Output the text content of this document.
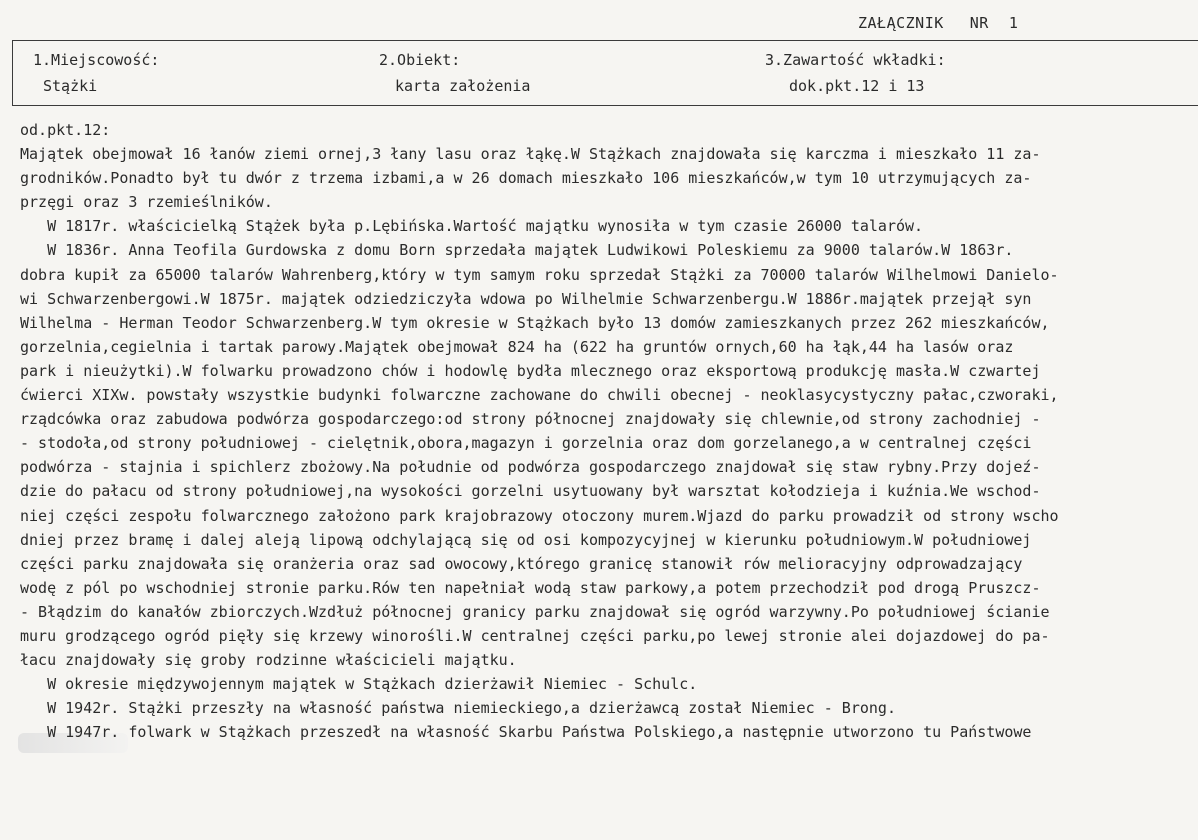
ZAŁĄCZNIK NR 1
1.Miejscowość:
Stążki
2.Obiekt:
karta założenia
3.Zawartość wkładki:
dok.pkt.12 i 13
od.pkt.12:
Majątek obejmował 16 łanów ziemi ornej,3 łany lasu oraz łąkę.W Stążkach znajdowała się karczma i mieszkało 11 za-
grodników.Ponadto był tu dwór z trzema izbami,a w 26 domach mieszkało 106 mieszkańców,w tym 10 utrzymujących za-
przęgi oraz 3 rzemieślników.
W 1817r. właścicielką Stążek była p.Lębińska.Wartość majątku wynosiła w tym czasie 26000 talarów.
W 1836r. Anna Teofila Gurdowska z domu Born sprzedała majątek Ludwikowi Poleskiemu za 9000 talarów.W 1863r.
dobra kupił za 65000 talarów Wahrenberg,który w tym samym roku sprzedał Stążki za 70000 talarów Wilhelmowi Danielo-
wi Schwarzenbergowi.W 1875r. majątek odziedziczyła wdowa po Wilhelmie Schwarzenbergu.W 1886r.majątek przejął syn
Wilhelma - Herman Teodor Schwarzenberg.W tym okresie w Stążkach było 13 domów zamieszkanych przez 262 mieszkańców,
gorzelnia,cegielnia i tartak parowy.Majątek obejmował 824 ha (622 ha gruntów ornych,60 ha łąk,44 ha lasów oraz
park i nieużytki).W folwarku prowadzono chów i hodowlę bydła mlecznego oraz eksportową produkcję masła.W czwartej
ćwierci XIXw. powstały wszystkie budynki folwarczne zachowane do chwili obecnej - neoklasycystyczny pałac,czworaki,
rządcówka oraz zabudowa podwórza gospodarczego:od strony północnej znajdowały się chlewnie,od strony zachodniej -
- stodoła,od strony południowej - cielętnik,obora,magazyn i gorzelnia oraz dom gorzelanego,a w centralnej części
podwórza - stajnia i spichlerz zbożowy.Na południe od podwórza gospodarczego znajdował się staw rybny.Przy dojeź-
dzie do pałacu od strony południowej,na wysokości gorzelni usytuowany był warsztat kołodzieja i kuźnia.We wschod-
niej części zespołu folwarcznego założono park krajobrazowy otoczony murem.Wjazd do parku prowadził od strony wscho
dniej przez bramę i dalej aleją lipową odchylającą się od osi kompozycyjnej w kierunku południowym.W południowej
części parku znajdowała się oranżeria oraz sad owocowy,którego granicę stanowił rów melioracyjny odprowadzający
wodę z pól po wschodniej stronie parku.Rów ten napełniał wodą staw parkowy,a potem przechodził pod drogą Pruszcz-
- Błądzim do kanałów zbiorczych.Wzdłuż północnej granicy parku znajdował się ogród warzywny.Po południowej ścianie
muru grodzącego ogród pięły się krzewy winorośli.W centralnej części parku,po lewej stronie alei dojazdowej do pa-
łacu znajdowały się groby rodzinne właścicieli majątku.
W okresie międzywojennym majątek w Stążkach dzierżawił Niemiec - Schulc.
W 1942r. Stążki przeszły na własność państwa niemieckiego,a dzierżawcą został Niemiec - Brong.
W 1947r. folwark w Stążkach przeszedł na własność Skarbu Państwa Polskiego,a następnie utworzono tu Państwowe
